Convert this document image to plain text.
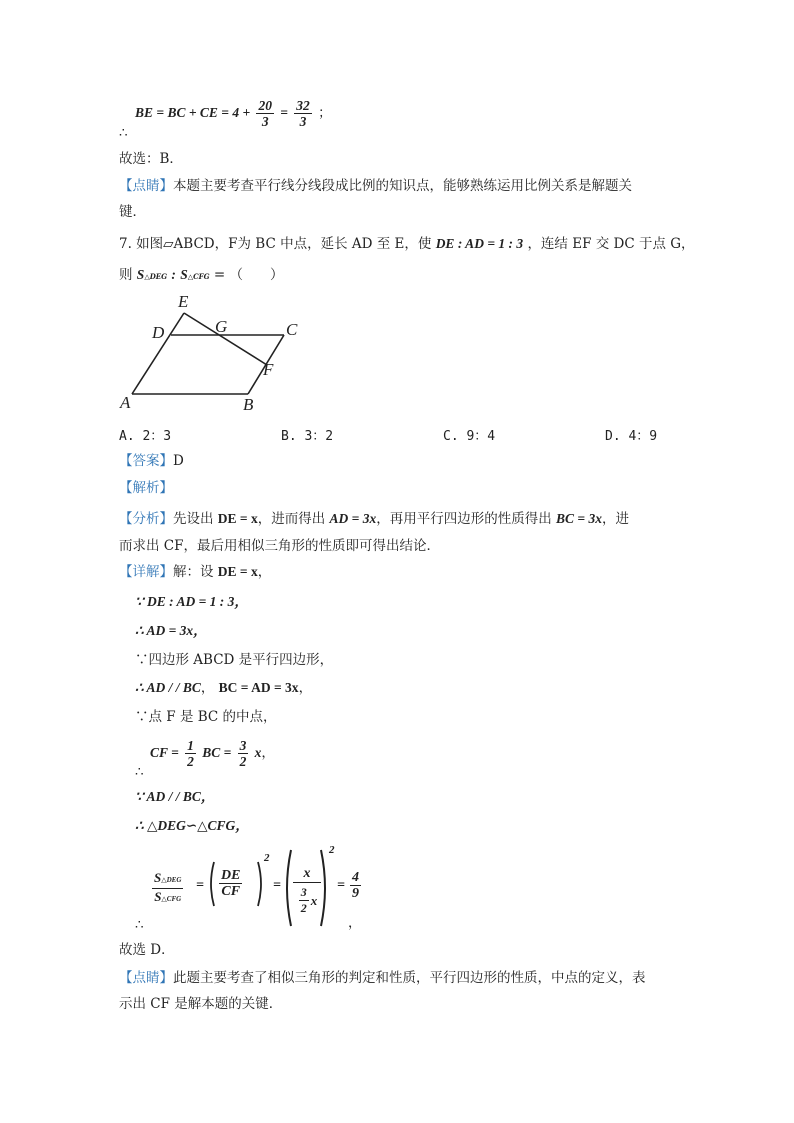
BE = BC + CE = $4 + \frac{20}{3} = \frac{32}{3}$ ；
∴
故选：B．
【点睛】本题主要考查平行线分线段成比例的知识点，能够熟练运用比例关系是解题关
键．
7. 如图▱ABCD，F为 BC 中点，延长 AD 至 E，使 DE : AD = 1 : 3 ，连结 EF 交 DC 于点 G，
则 S△DEG : S△CFG = （　　）
E
D	G	C
F
A	B
A. 2：3	B. 3：2	C. 9：4	D. 4：9
【答案】D
【解析】
【分析】先设出 DE = x，进而得出 AD = 3x，再用平行四边形的性质得出 BC = 3x，进
而求出 CF，最后用相似三角形的性质即可得出结论．
【详解】解：设 DE = x，
∵ DE : AD = 1 : 3，
∴ AD = 3x，
∵四边形 ABCD 是平行四边形，
∴ AD / / BC， BC = AD = 3x，
∵点 F 是 BC 的中点，
CF = $\frac{1}{2}$ BC = $\frac{3}{2}$ x，
∴
∵ AD / / BC，
∴ △DEG∽△CFG，
$\frac{\text{S△DEG}}{\text{S△CFG}} = \frac{DE}{CF}$
2
=
x
$\frac{3}{2}$ x
2
= $\frac{4}{9}$
∴	，
故选 D．
【点睛】此题主要考查了相似三角形的判定和性质，平行四边形的性质，中点的定义，表
示出 CF 是解本题的关键．
